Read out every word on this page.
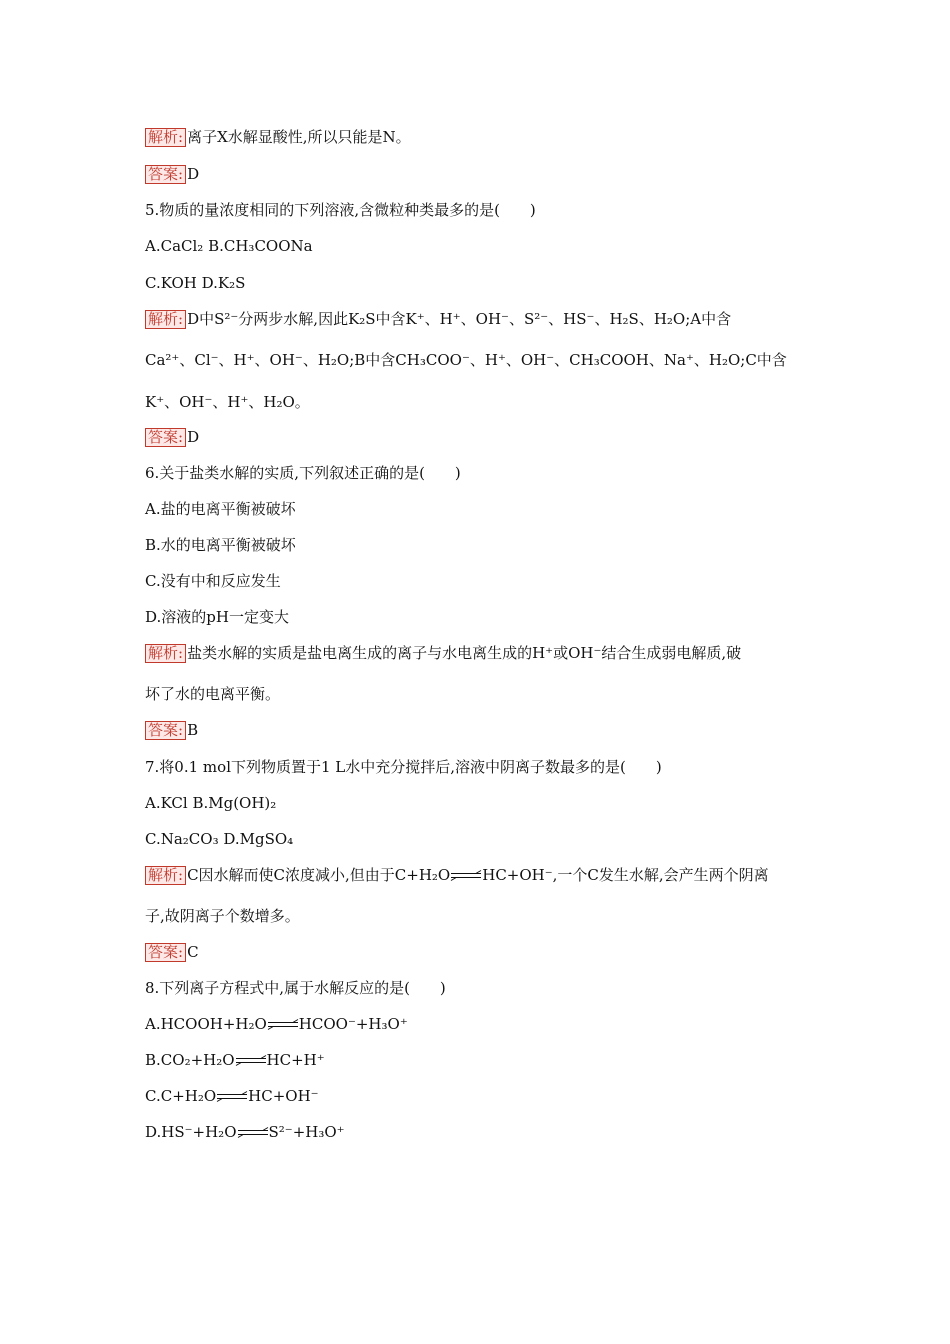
解析: 离子X水解显酸性,所以只能是N。
答案: D
5.物质的量浓度相同的下列溶液,含微粒种类最多的是(　　)
A.CaCl₂ B.CH₃COONa
C.KOH D.K₂S
解析: D中S²⁻分两步水解,因此K₂S中含K⁺、H⁺、OH⁻、S²⁻、HS⁻、H₂S、H₂O;A中含
Ca²⁺、Cl⁻、H⁺、OH⁻、H₂O;B中含CH₃COO⁻、H⁺、OH⁻、CH₃COOH、Na⁺、H₂O;C中含
K⁺、OH⁻、H⁺、H₂O。
答案: D
6.关于盐类水解的实质,下列叙述正确的是(　　)
A.盐的电离平衡被破坏
B.水的电离平衡被破坏
C.没有中和反应发生
D.溶液的pH一定变大
解析: 盐类水解的实质是盐电离生成的离子与水电离生成的H⁺或OH⁻结合生成弱电解质,破
坏了水的电离平衡。
答案: B
7.将0.1 mol下列物质置于1 L水中充分搅拌后,溶液中阴离子数最多的是(　　)
A.KCl B.Mg(OH)₂
C.Na₂CO₃ D.MgSO₄
解析: C因水解而使C浓度减小,但由于C+H₂O HC+OH⁻,一个C发生水解,会产生两个阴离
子,故阴离子个数增多。
答案: C
8.下列离子方程式中,属于水解反应的是(　　)
A.HCOOH+H₂O HCOO⁻+H₃O⁺
B.CO₂+H₂O HC+H⁺
C.C+H₂O HC+OH⁻
D.HS⁻+H₂O S²⁻+H₃O⁺
